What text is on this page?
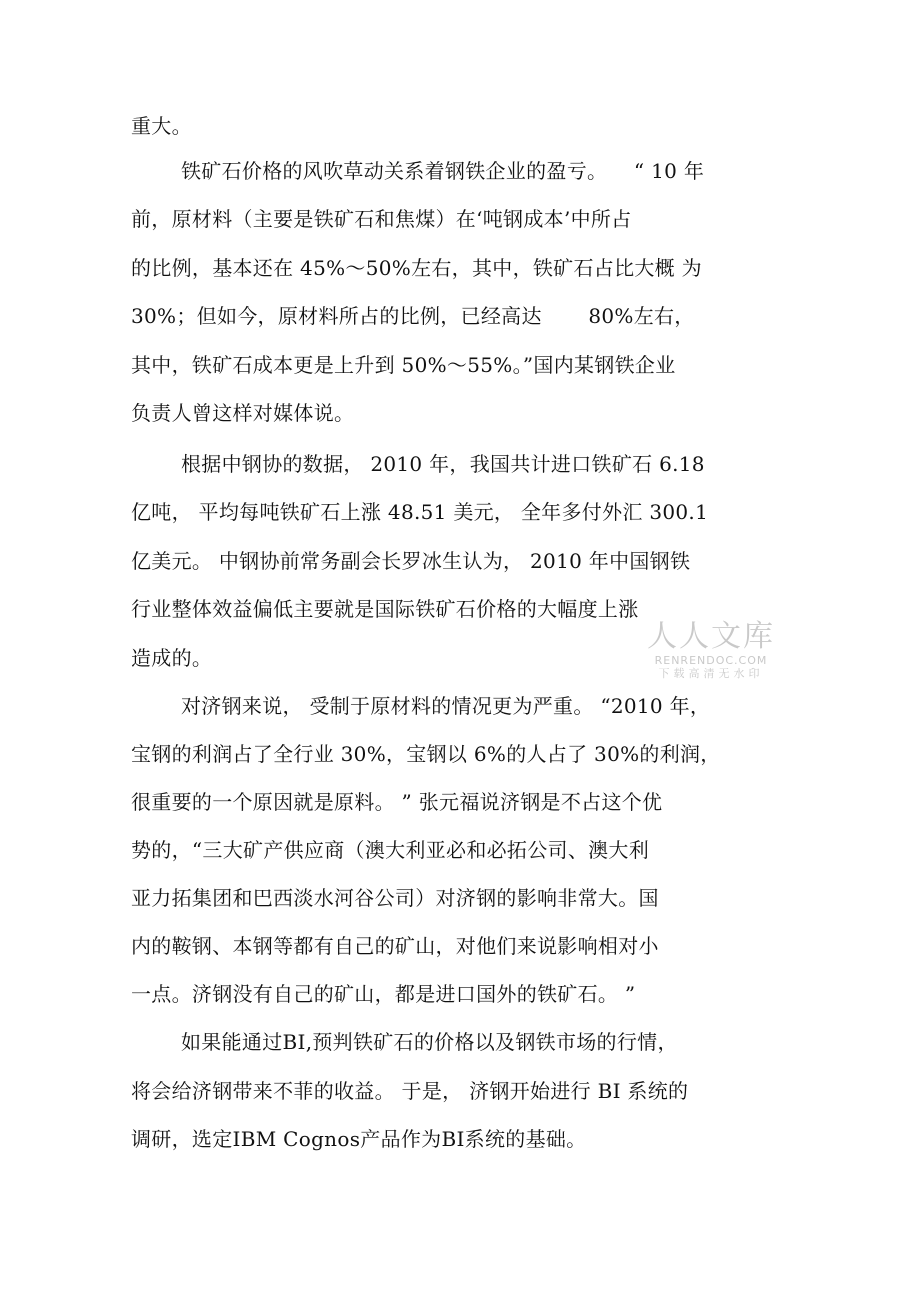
重大。
铁矿石价格的风吹草动关系着钢铁企业的盈亏。    “ 10 年
前，原材料（主要是铁矿石和焦煤）在‘吨钢成本’中所占
的比例，基本还在 45%～50%左右，其中，铁矿石占比大概 为
30%；但如今，原材料所占的比例，已经高达       80%左右，
其中，铁矿石成本更是上升到 50%～55%。”国内某钢铁企业
负责人曾这样对媒体说。
根据中钢协的数据， 2010 年，我国共计进口铁矿石 6.18
亿吨， 平均每吨铁矿石上涨 48.51 美元， 全年多付外汇 300.1
亿美元。 中钢协前常务副会长罗冰生认为， 2010 年中国钢铁
行业整体效益偏低主要就是国际铁矿石价格的大幅度上涨
造成的。
对济钢来说， 受制于原材料的情况更为严重。 “2010 年，
宝钢的利润占了全行业 30%，宝钢以 6%的人占了 30%的利润，
很重要的一个原因就是原料。 ” 张元福说济钢是不占这个优
势的，“三大矿产供应商（澳大利亚必和必拓公司、澳大利
亚力拓集团和巴西淡水河谷公司）对济钢的影响非常大。国
内的鞍钢、本钢等都有自己的矿山，对他们来说影响相对小
一点。济钢没有自己的矿山，都是进口国外的铁矿石。 ”
如果能通过BI,预判铁矿石的价格以及钢铁市场的行情，
将会给济钢带来不菲的收益。 于是， 济钢开始进行 BI 系统的
调研，选定IBM Cognos产品作为BI系统的基础。
人人文库
RENRENDOC.COM
下载高清无水印
